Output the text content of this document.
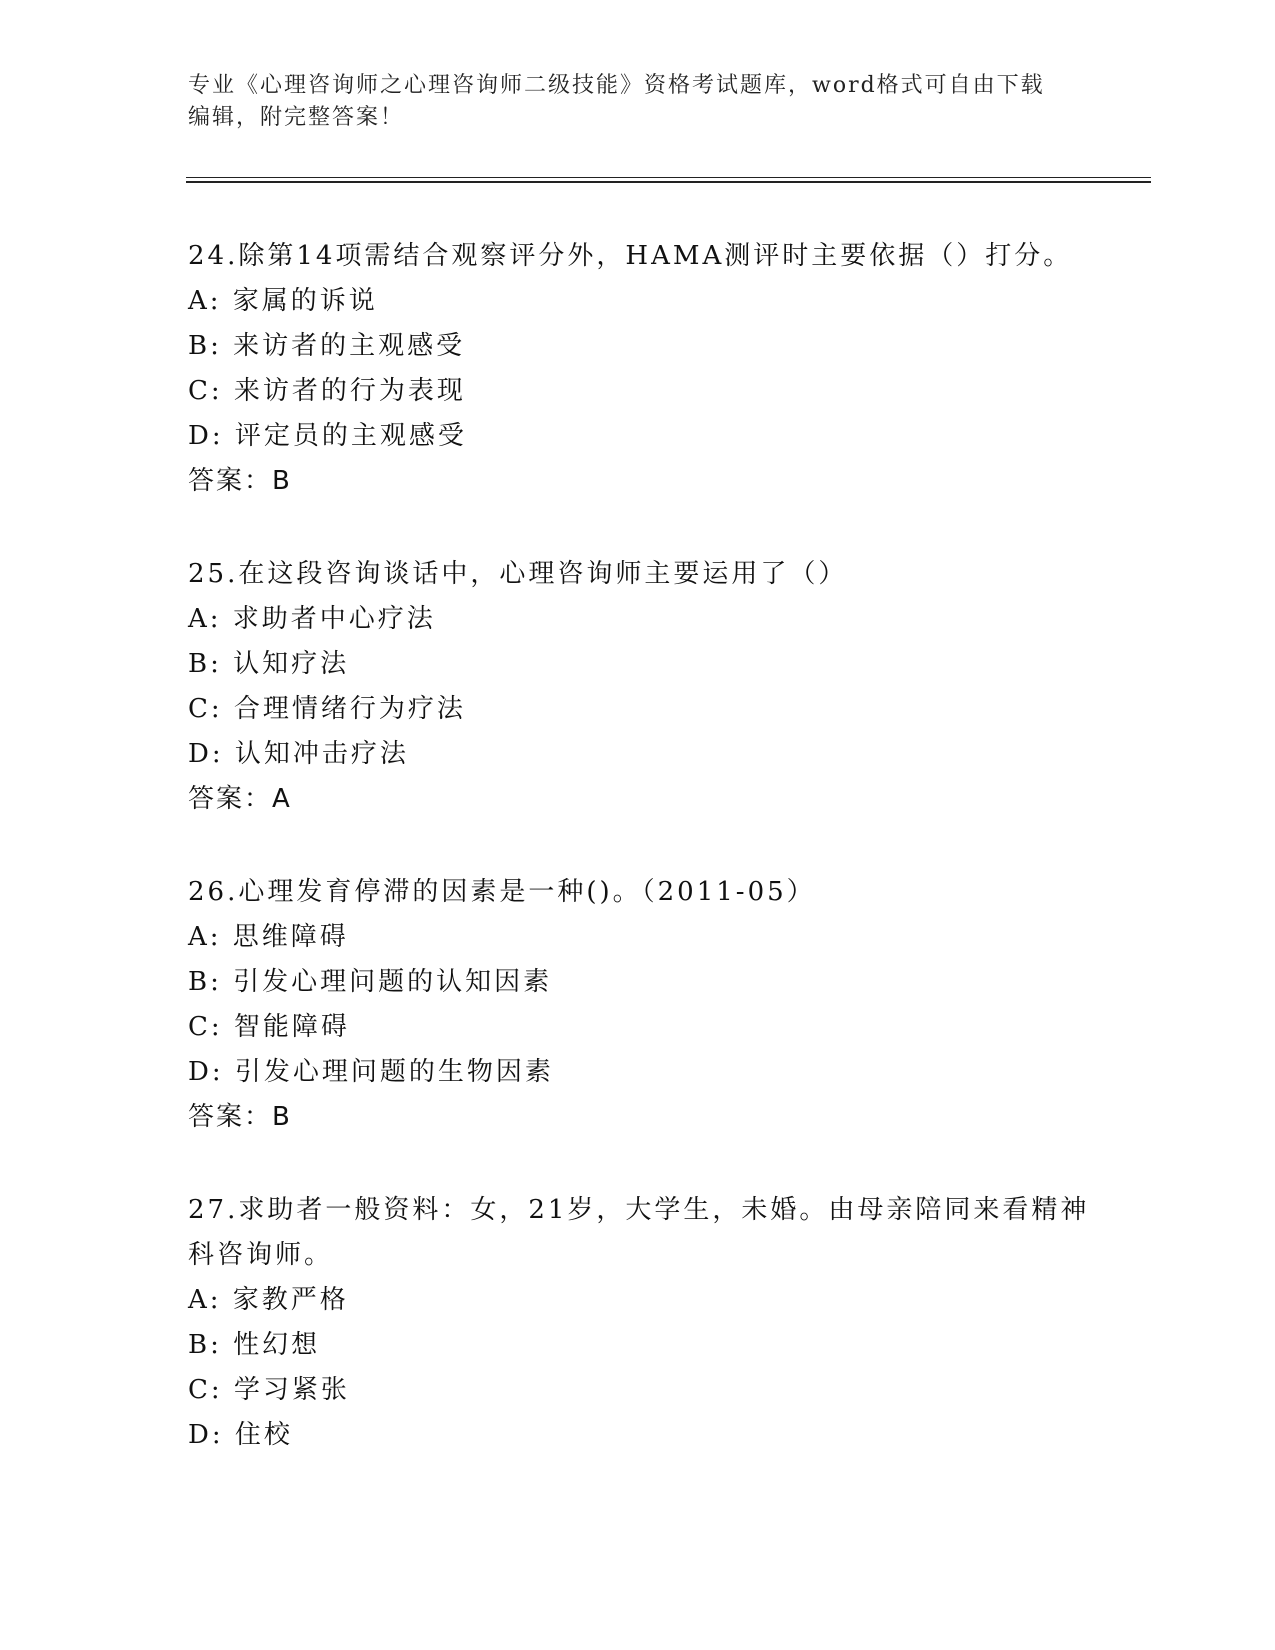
专业《心理咨询师之心理咨询师二级技能》资格考试题库，word格式可自由下载
编辑，附完整答案！
24.除第14项需结合观察评分外，HAMA测评时主要依据（）打分。
A: 家属的诉说
B: 来访者的主观感受
C: 来访者的行为表现
D: 评定员的主观感受
答案：B
25.在这段咨询谈话中，心理咨询师主要运用了（）
A: 求助者中心疗法
B: 认知疗法
C: 合理情绪行为疗法
D: 认知冲击疗法
答案：A
26.心理发育停滞的因素是一种()。（2011-05）
A: 思维障碍
B: 引发心理问题的认知因素
C: 智能障碍
D: 引发心理问题的生物因素
答案：B
27.求助者一般资料：女，21岁，大学生，未婚。由母亲陪同来看精神
科咨询师。
A: 家教严格
B: 性幻想
C: 学习紧张
D: 住校
